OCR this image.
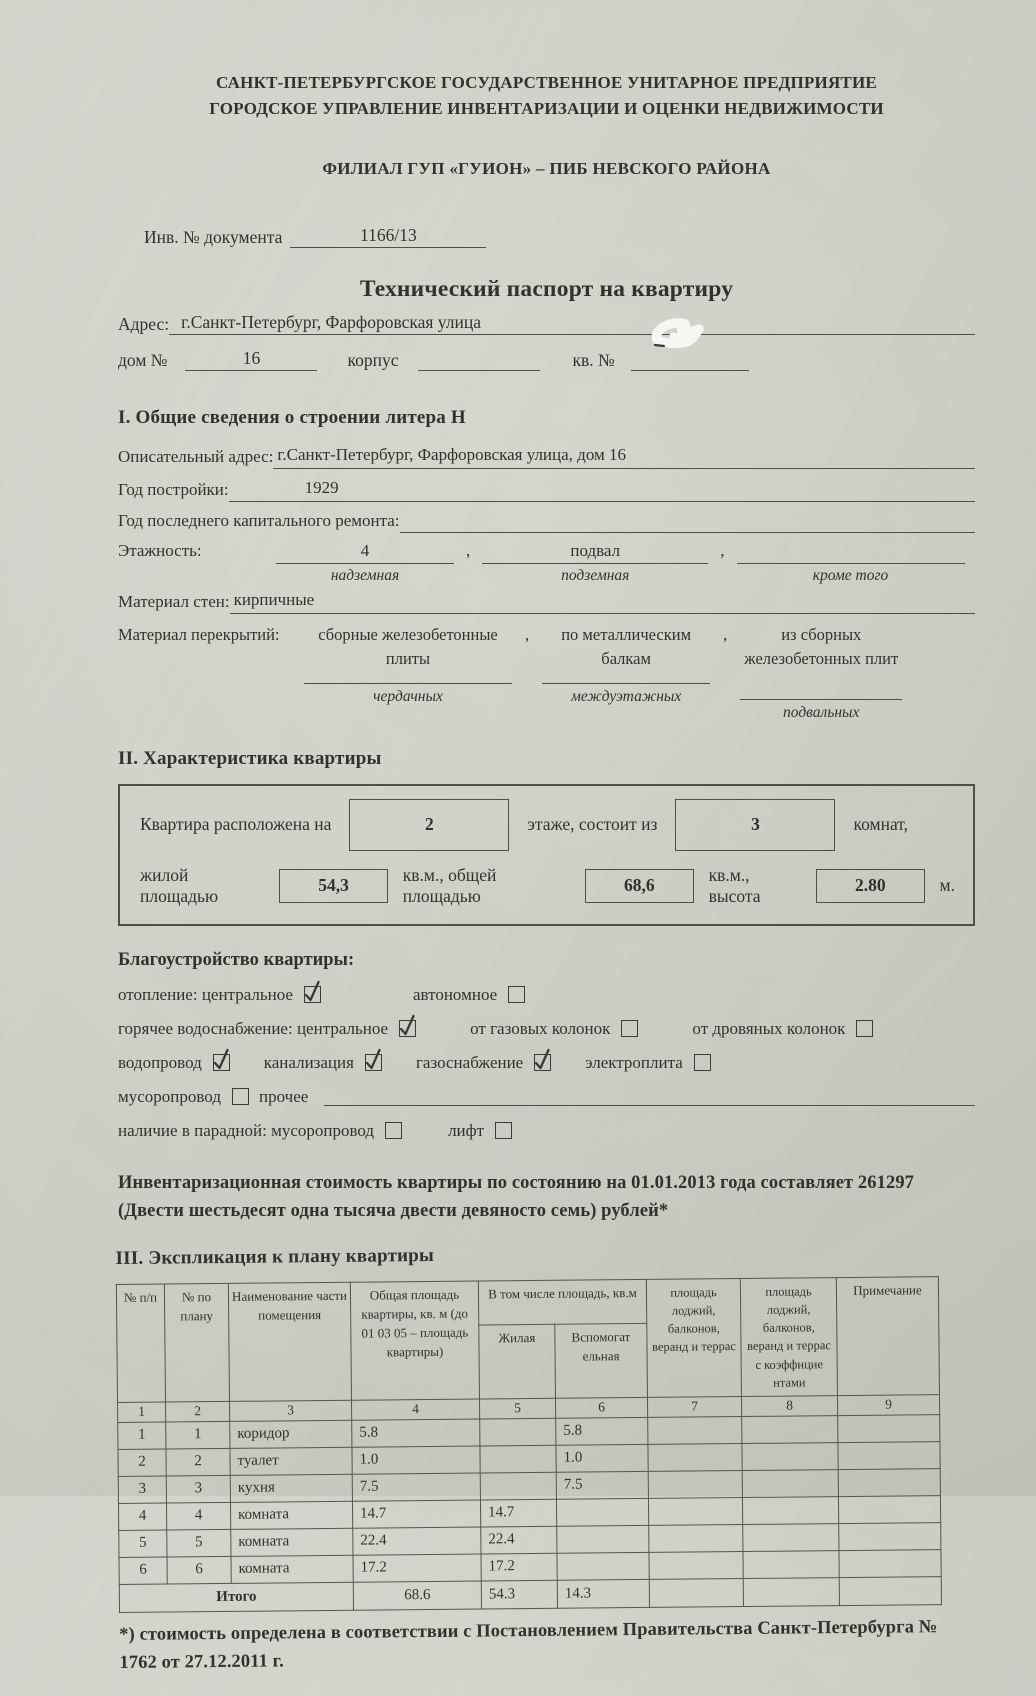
САНКТ-ПЕТЕРБУРГСКОЕ ГОСУДАРСТВЕННОЕ УНИТАРНОЕ ПРЕДПРИЯТИЕ
ГОРОДСКОЕ УПРАВЛЕНИЕ ИНВЕНТАРИЗАЦИИ И ОЦЕНКИ НЕДВИЖИМОСТИ
ФИЛИАЛ ГУП «ГУИОН» – ПИБ НЕВСКОГО РАЙОНА
Инв. № документа	1166/13
Технический паспорт на квартиру
Адрес: г.Санкт-Петербург, Фарфоровская улица
дом №	16	корпус	кв. №
I. Общие сведения о строении литера Н
Описательный адрес: г.Санкт-Петербург, Фарфоровская улица, дом 16
Год постройки:	1929
Год последнего капитального ремонта:
Этажность:	4
надземная
,	подвал
подземная
,
кроме того
Материал стен: кирпичные
Материал перекрытий:	сборные железобетонные плиты
чердачных
,	по металлическим балкам
междуэтажных
,	из сборных железобетонных плит
подвальных
II. Характеристика квартиры
Квартира расположена на	2	этаже, состоит из	3	комнат,
жилой площадью
54,3
кв.м., общей площадью
68,6
кв.м., высота
2.80	м.
Благоустройство квартиры:
отопление: центральное	автономное
горячее водоснабжение: центральное	от газовых колонок	от дровяных колонок
водопровод	канализация	газоснабжение	электроплита
мусоропровод прочее
наличие в парадной: мусоропровод	лифт

Инвентаризационная стоимость квартиры по состоянию на 01.01.2013 года составляет 261297 (Двести шестьдесят одна тысяча двести девяносто семь) рублей*

III. Экспликация к плану квартиры
№ п/п	№ по плану	Наименование части помещения	Общая площадь квартиры, кв. м (до 01 03 05 – площадь квартиры)	В том числе площадь, кв.м		площадь лоджий, балконов, веранд и террас	площадь лоджий, балконов, веранд и террас с коэффицие нтами	Примечание
				Жилая	Вспомогат ельная			
1	2	3	4	5	6	7	8	9
1	1	коридор	5.8		5.8			
2	2	туалет	1.0		1.0			
3	3	кухня	7.5		7.5			
4	4	комната	14.7	14.7				
5	5	комната	22.4	22.4				
6	6	комната	17.2	17.2				
Итого			68.6	54.3	14.3			

*) стоимость определена в соответствии с Постановлением Правительства Санкт-Петербурга № 1762 от 27.12.2011 г.
